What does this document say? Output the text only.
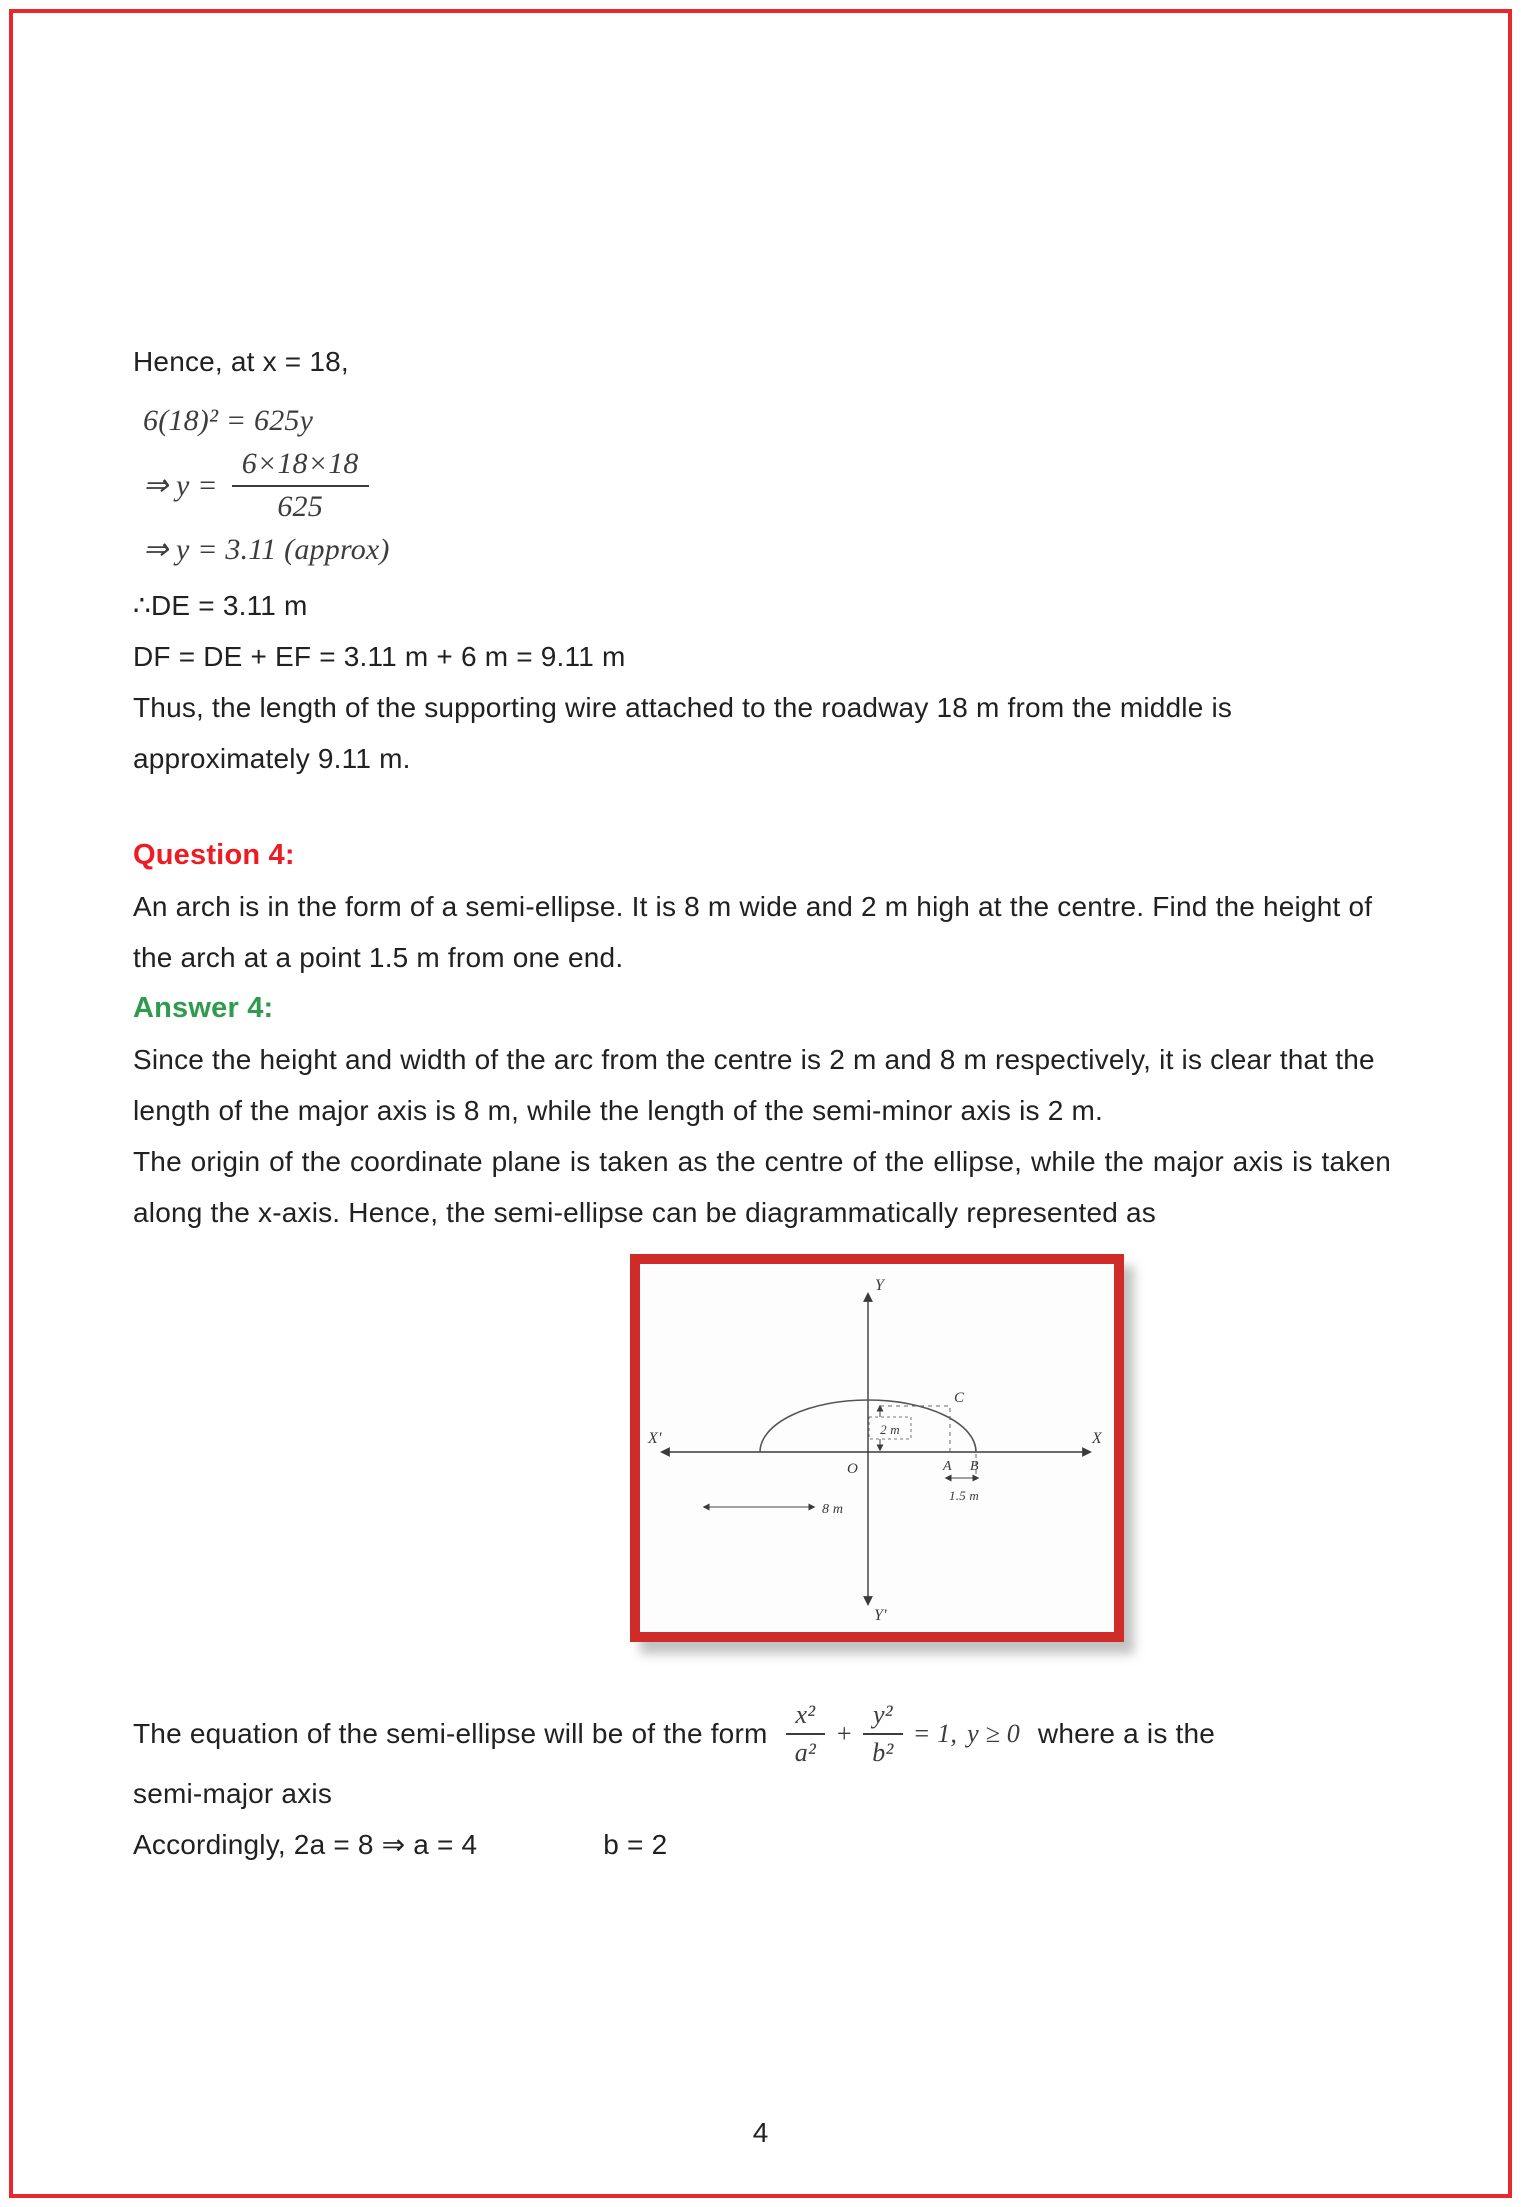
Hence, at x = 18,

6(18)² = 625y
⇒ $y = \frac{6\times 18\times 18}{625}$
⇒ y = 3.11 (approx)

∴DE = 3.11 m

DF = DE + EF = 3.11 m + 6 m = 9.11 m

Thus, the length of the supporting wire attached to the roadway 18 m from the middle is approximately 9.11 m.

Question 4:

An arch is in the form of a semi-ellipse. It is 8 m wide and 2 m high at the centre. Find the height of the arch at a point 1.5 m from one end.

Answer 4:

Since the height and width of the arc from the centre is 2 m and 8 m respectively, it is clear that the length of the major axis is 8 m, while the length of the semi-minor axis is 2 m.

The origin of the coordinate plane is taken as the centre of the ellipse, while the major axis is taken along the x-axis. Hence, the semi-ellipse can be diagrammatically represented as

2 m
1.5 m
8 m
Y
Y'
X
X'
O
C
A B
The equation of the semi-ellipse will be of the form $\frac{\text{x²}}{\text{a²}} + \frac{\text{y²}}{\text{b²}} = 1$, y ≥ 0 where a is the

semi-major axis

Accordingly, 2a = 8 ⇒ a = 4	b = 2

4
